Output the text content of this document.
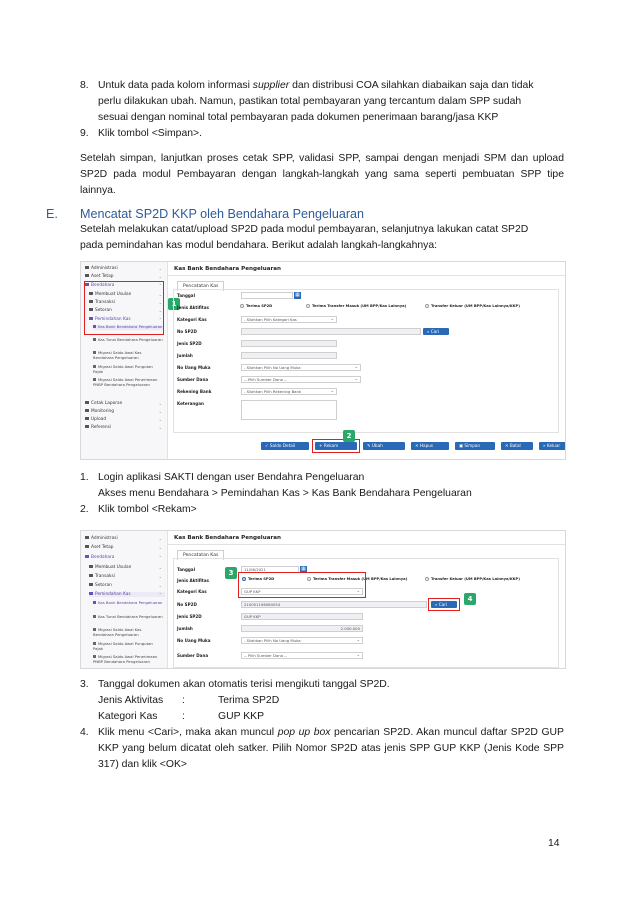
8. Untuk data pada kolom informasi supplier dan distribusi COA silahkan diabaikan saja dan tidak
perlu dilakukan ubah. Namun, pastikan total pembayaran yang tercantum dalam SPP sudah
sesuai dengan nominal total pembayaran pada dokumen penerimaan barang/jasa KKP
9. Klik tombol <Simpan>.
Setelah simpan, lanjutkan proses cetak SPP, validasi SPP, sampai dengan menjadi SPM dan upload
SP2D pada modul Pembayaran dengan langkah-langkah yang sama seperti pembuatan SPP tipe
lainnya.
E. Mencatat SP2D KKP oleh Bendahara Pengeluaran
Setelah melakukan catat/upload SP2D pada modul pembayaran, selanjutnya lakukan catat SP2D
pada pemindahan kas modul bendahara. Berikut adalah langkah-langkahnya:
Administrasi	⌄
Aset Tetap	⌄
Bendahara	⌃
Membuat Usulan	⌄
Transaksi	⌄
Setoran	⌄
Pemindahan Kas	⌃
Kas Bank Bendahara Pengeluaran
Kas Tunai Bendahara Pengeluaran
Migrasi Saldo Awal Kas Bendahara Pengeluaran
Migrasi Saldo Awal Pungutan Pajak
Migrasi Saldo Awal Penerimaan PNBP Bendahara Pengeluaran
Cetak Laporan	⌄
Monitoring	⌄
Upload	⌄
Referensi	⌄
1
Kas Bank Bendahara Pengeluaran
Pencatatan Kas
Tanggal	▦
Jenis Aktifitas	Terima SP2D	Terima Transfer Masuk (UM BPP/Kas Lainnya)	Transfer Keluar (UM BPP/Kas Lainnya/KKP)
Kategori Kas	- Silahkan Pilih Kategori Kas ⌄
No SP2D	⌕ Cari
Jenis SP2D
Jumlah
No Uang Muka	- Silahkan Pilih No Uang Muka ⌄
Sumber Dana	-- Pilih Sumber Dana -- ⌄
Rekening Bank	- Silahkan Pilih Rekening Bank ⌄
Keterangan
✓ Saldo Detail	+ Rekam
2
✎ Ubah	✕ Hapus	▣ Simpan	✕ Batal	» Keluar
1. Login aplikasi SAKTI dengan user Bendahra Pengeluaran
Akses menu Bendahara > Pemindahan Kas > Kas Bank Bendahara Pengeluaran
2. Klik tombol <Rekam>
Administrasi	⌄
Aset Tetap	⌄
Bendahara	⌃
Membuat Usulan	⌄
Transaksi	⌄
Setoran	⌄
Pemindahan Kas	⌃
Kas Bank Bendahara Pengeluaran
Kas Tunai Bendahara Pengeluaran
Migrasi Saldo Awal Kas Bendahara Pengeluaran
Migrasi Saldo Awal Pungutan Pajak
Migrasi Saldo Awal Penerimaan PNBP Bendahara Pengeluaran
Kas Bank Bendahara Pengeluaran
Pencatatan Kas
Tanggal	11/06/2021	▦
Jenis Aktifitas	Terima SP2D	Terima Transfer Masuk (UM BPP/Kas Lainnya)	Transfer Keluar (UM BPP/Kas Lainnya/KKP)
Kategori Kas	GUP KKP ⌄
3
No SP2D	210051196060054	⌕ Cari
4
Jenis SP2D	GUP KKP
Jumlah	2.000.000
No Uang Muka	- Silahkan Pilih No Uang Muka ⌄
Sumber Dana	-- Pilih Sumber Dana -- ⌄
3. Tanggal dokumen akan otomatis terisi mengikuti tanggal SP2D.
Jenis Aktivitas :	Terima SP2D
Kategori Kas :	GUP KKP
4. Klik menu <Cari>, maka akan muncul pop up box pencarian SP2D. Akan muncul daftar SP2D GUP
KKP yang belum dicatat oleh satker. Pilih Nomor SP2D atas jenis SPP GUP KKP (Jenis Kode SPP
317) dan klik <OK>
14
